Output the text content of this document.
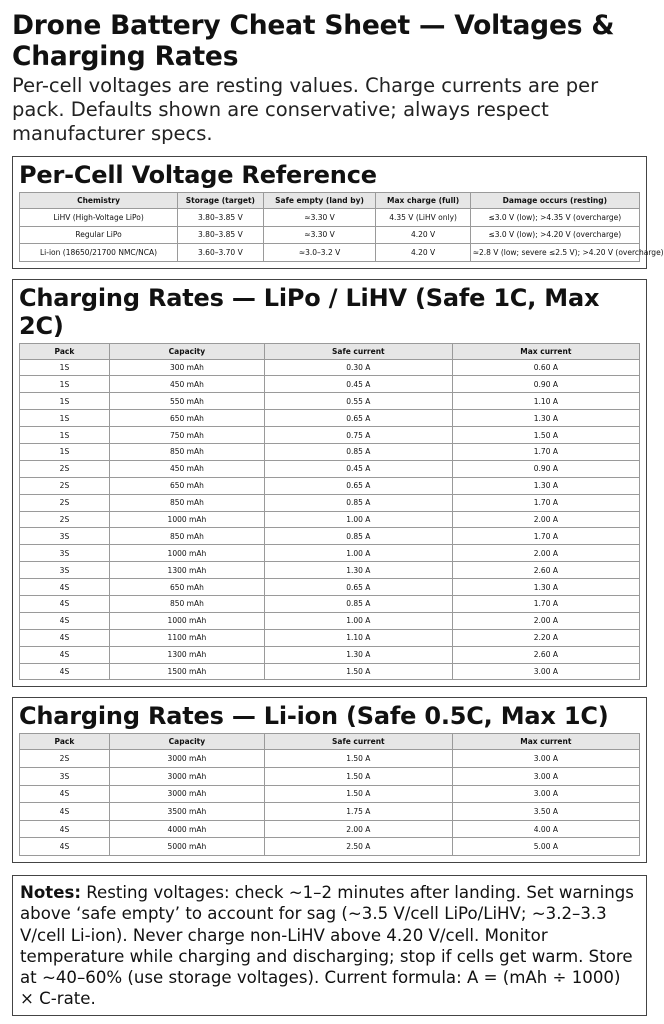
Drone Battery Cheat Sheet — Voltages & Charging Rates

Per-cell voltages are resting values. Charge currents are per pack. Defaults shown are conservative; always respect manufacturer specs.

Per-Cell Voltage Reference
Chemistry	Storage (target)	Safe empty (land by)	Max charge (full)	Damage occurs (resting)
LiHV (High-Voltage LiPo)	3.80–3.85 V	≈3.30 V	4.35 V (LiHV only)	≤3.0 V (low); >4.35 V (overcharge)
Regular LiPo	3.80–3.85 V	≈3.30 V	4.20 V	≤3.0 V (low); >4.20 V (overcharge)
Li-ion (18650/21700 NMC/NCA)	3.60–3.70 V	≈3.0–3.2 V	4.20 V	≈2.8 V (low; severe ≤2.5 V); >4.20 V (overcharge)
Charging Rates — LiPo / LiHV (Safe 1C, Max 2C)
Pack	Capacity	Safe current	Max current
1S	300 mAh	0.30 A	0.60 A
1S	450 mAh	0.45 A	0.90 A
1S	550 mAh	0.55 A	1.10 A
1S	650 mAh	0.65 A	1.30 A
1S	750 mAh	0.75 A	1.50 A
1S	850 mAh	0.85 A	1.70 A
2S	450 mAh	0.45 A	0.90 A
2S	650 mAh	0.65 A	1.30 A
2S	850 mAh	0.85 A	1.70 A
2S	1000 mAh	1.00 A	2.00 A
3S	850 mAh	0.85 A	1.70 A
3S	1000 mAh	1.00 A	2.00 A
3S	1300 mAh	1.30 A	2.60 A
4S	650 mAh	0.65 A	1.30 A
4S	850 mAh	0.85 A	1.70 A
4S	1000 mAh	1.00 A	2.00 A
4S	1100 mAh	1.10 A	2.20 A
4S	1300 mAh	1.30 A	2.60 A
4S	1500 mAh	1.50 A	3.00 A
Charging Rates — Li-ion (Safe 0.5C, Max 1C)
Pack	Capacity	Safe current	Max current
2S	3000 mAh	1.50 A	3.00 A
3S	3000 mAh	1.50 A	3.00 A
4S	3000 mAh	1.50 A	3.00 A
4S	3500 mAh	1.75 A	3.50 A
4S	4000 mAh	2.00 A	4.00 A
4S	5000 mAh	2.50 A	5.00 A
Notes: Resting voltages: check ~1–2 minutes after landing. Set warnings above ‘safe empty’ to account for sag (~3.5 V/cell LiPo/LiHV; ~3.2–3.3 V/cell Li-ion). Never charge non-LiHV above 4.20 V/cell. Monitor temperature while charging and discharging; stop if cells get warm. Store at ~40–60% (use storage voltages). Current formula: A = (mAh ÷ 1000) × C-rate.
